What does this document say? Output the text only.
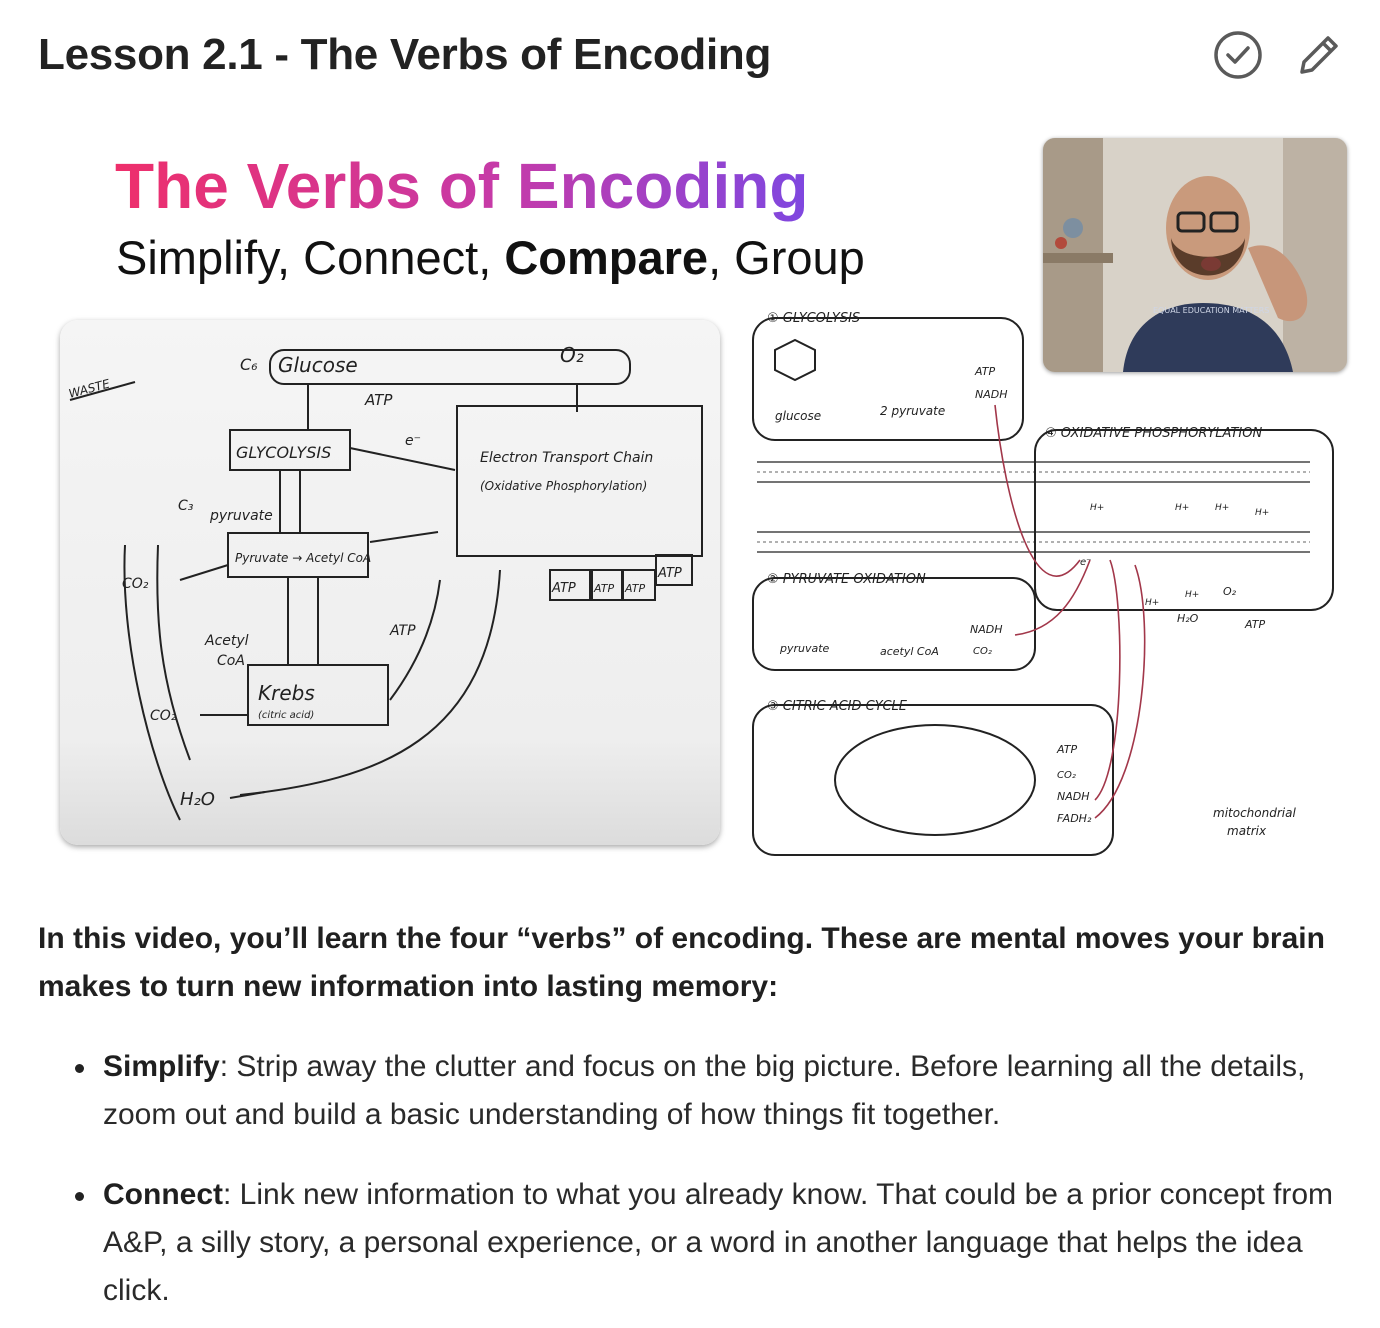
Lesson 2.1 - The Verbs of Encoding
The Verbs of Encoding
Simplify, Connect, Compare, Group
WASTE
C₆ Glucose	O₂
ATP
GLYCOLYSIS
e⁻
Electron Transport Chain
(Oxidative Phosphorylation)
C₃
pyruvate
Pyruvate → Acetyl CoA
CO₂
Acetyl
CoA
ATP
Krebs
(citric acid)
CO₂
H₂O
ATP ATP ATP
ATP
① GLYCOLYSIS
glucose	2 pyruvate
ATP
NADH
④ OXIDATIVE PHOSPHORYLATION
② PYRUVATE OXIDATION
pyruvate	acetyl CoA
NADH
CO₂
③ CITRIC ACID CYCLE
ATP
CO₂
NADH
FADH₂
H+	H+	H+	H+
H+
H+
e⁻
H₂O
O₂
ATP
mitochondrial
matrix
EQUAL EDUCATION MATTERS

In this video, you’ll learn the four “verbs” of encoding. These are mental moves your brain makes to turn new information into lasting memory:

Simplify: Strip away the clutter and focus on the big picture. Before learning all the details, zoom out and build a basic understanding of how things fit together.
Connect: Link new information to what you already know. That could be a prior concept from A&P, a silly story, a personal experience, or a word in another language that helps the idea click.
